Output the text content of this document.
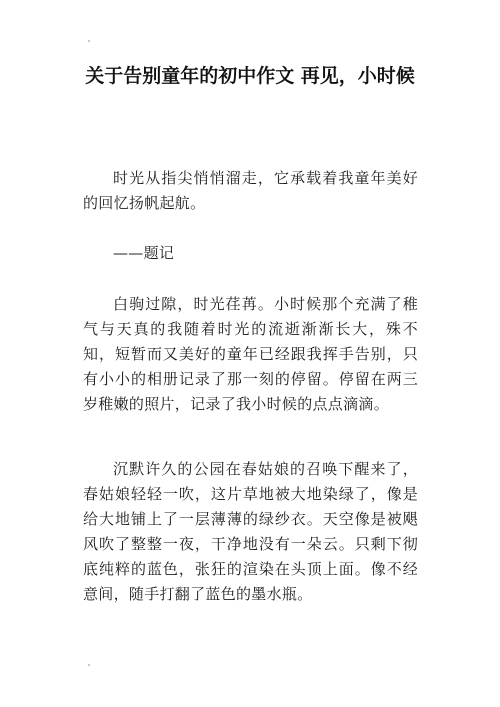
关于告别童年的初中作文 再见，小时候

时光从指尖悄悄溜走，它承载着我童年美好的回忆扬帆起航。

——题记

白驹过隙，时光荏苒。小时候那个充满了稚气与天真的我随着时光的流逝渐渐长大，殊不知，短暂而又美好的童年已经跟我挥手告别，只有小小的相册记录了那一刻的停留。停留在两三岁稚嫩的照片，记录了我小时候的点点滴滴。

沉默许久的公园在春姑娘的召唤下醒来了，春姑娘轻轻一吹，这片草地被大地染绿了，像是给大地铺上了一层薄薄的绿纱衣。天空像是被飓风吹了整整一夜，干净地没有一朵云。只剩下彻底纯粹的蓝色，张狂的渲染在头顶上面。像不经意间，随手打翻了蓝色的墨水瓶。
